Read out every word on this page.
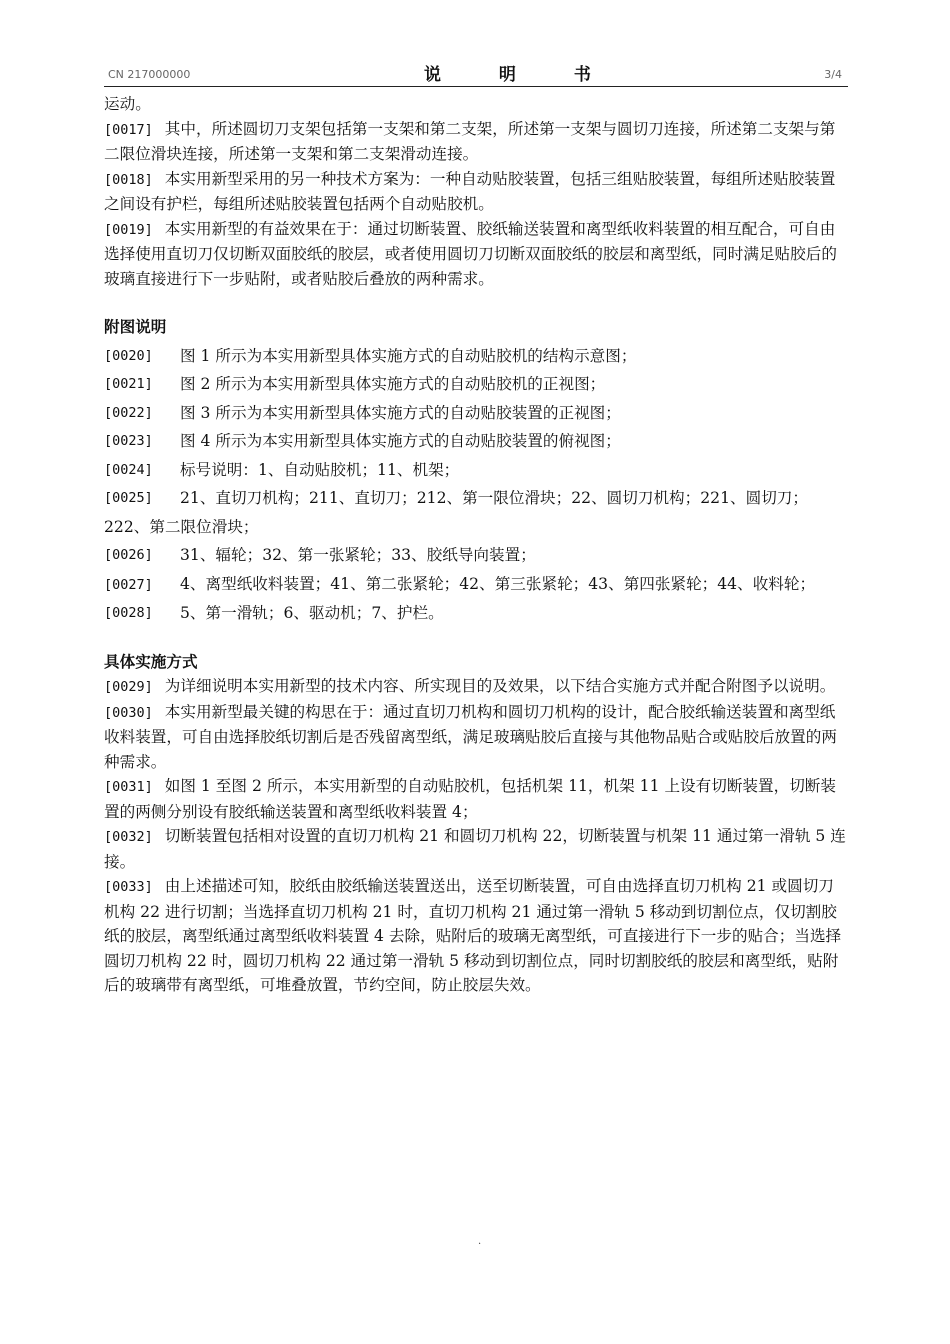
CN 217000000	说 明 书	3/4

运动。

[0017] 其中，所述圆切刀支架包括第一支架和第二支架，所述第一支架与圆切刀连接，所述第二支架与第二限位滑块连接，所述第一支架和第二支架滑动连接。

[0018] 本实用新型采用的另一种技术方案为：一种自动贴胶装置，包括三组贴胶装置，每组所述贴胶装置之间设有护栏，每组所述贴胶装置包括两个自动贴胶机。

[0019] 本实用新型的有益效果在于：通过切断装置、胶纸输送装置和离型纸收料装置的相互配合，可自由选择使用直切刀仅切断双面胶纸的胶层，或者使用圆切刀切断双面胶纸的胶层和离型纸，同时满足贴胶后的玻璃直接进行下一步贴附，或者贴胶后叠放的两种需求。

附图说明
[0020]	图 1 所示为本实用新型具体实施方式的自动贴胶机的结构示意图；
[0021]	图 2 所示为本实用新型具体实施方式的自动贴胶机的正视图；
[0022]	图 3 所示为本实用新型具体实施方式的自动贴胶装置的正视图；
[0023]	图 4 所示为本实用新型具体实施方式的自动贴胶装置的俯视图；
[0024]	标号说明：1、自动贴胶机；11、机架；
[0025]	21、直切刀机构；211、直切刀；212、第一限位滑块；22、圆切刀机构；221、圆切刀；

222、第二限位滑块；

[0026]	31、辐轮；32、第一张紧轮；33、胶纸导向装置；

[0027] 4、离型纸收料装置；41、第二张紧轮；42、第三张紧轮；43、第四张紧轮；44、收料轮；

[0028]	5、第一滑轨；6、驱动机；7、护栏。
具体实施方式

[0029] 为详细说明本实用新型的技术内容、所实现目的及效果，以下结合实施方式并配合附图予以说明。

[0030] 本实用新型最关键的构思在于：通过直切刀机构和圆切刀机构的设计，配合胶纸输送装置和离型纸收料装置，可自由选择胶纸切割后是否残留离型纸，满足玻璃贴胶后直接与其他物品贴合或贴胶后放置的两种需求。

[0031] 如图 1 至图 2 所示，本实用新型的自动贴胶机，包括机架 11，机架 11 上设有切断装置，切断装置的两侧分别设有胶纸输送装置和离型纸收料装置 4；

[0032] 切断装置包括相对设置的直切刀机构 21 和圆切刀机构 22，切断装置与机架 11 通过第一滑轨 5 连接。

[0033] 由上述描述可知，胶纸由胶纸输送装置送出，送至切断装置，可自由选择直切刀机构 21 或圆切刀机构 22 进行切割；当选择直切刀机构 21 时，直切刀机构 21 通过第一滑轨 5 移动到切割位点，仅切割胶纸的胶层，离型纸通过离型纸收料装置 4 去除，贴附后的玻璃无离型纸，可直接进行下一步的贴合；当选择圆切刀机构 22 时，圆切刀机构 22 通过第一滑轨 5 移动到切割位点，同时切割胶纸的胶层和离型纸，贴附后的玻璃带有离型纸，可堆叠放置，节约空间，防止胶层失效。

.
